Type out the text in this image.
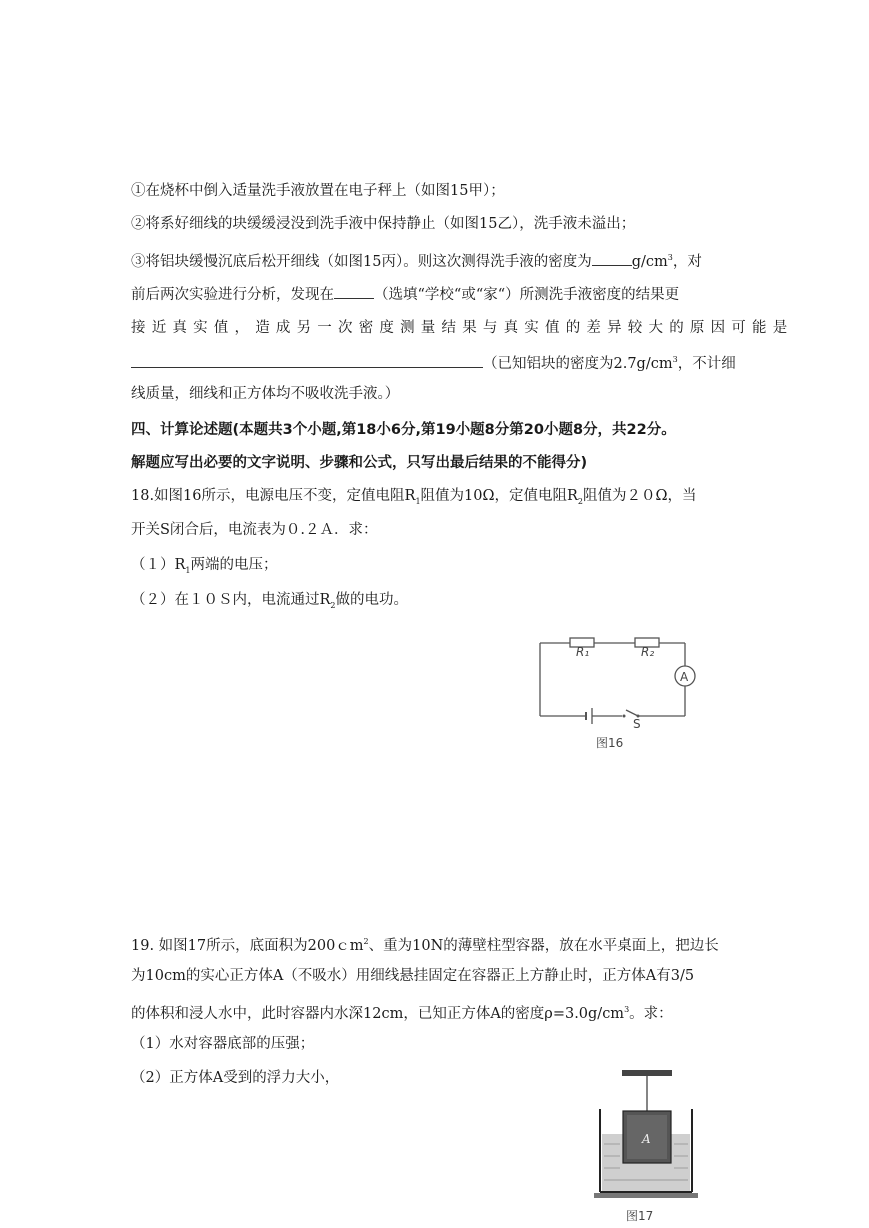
①在烧杯中倒入适量洗手液放置在电子秤上（如图15甲）；
②将系好细线的块缓缓浸没到洗手液中保持静止（如图15乙），洗手液未溢出；
③将铝块缓慢沉底后松开细线（如图15丙）。则这次测得洗手液的密度为	$g/cm^3$，对
前后两次实验进行分析，发现在	（选填“学校“或“家“）所测洗手液密度的结果更
接近真实值，造成另一次密度测量结果与真实值的差异较大的原因可能是
（已知铝块的密度为$2.7g/cm^3$，不计细
线质量，细线和正方体均不吸收洗手液。）
四、计算论述题(本题共3个小题,第18小6分,第19小题8分第20小题8分，共22分。
解题应写出必要的文字说明、步骤和公式，只写出最后结果的不能得分)
18.如图16所示，电源电压不变，定值电阻$R_1$阻值为10Ω，定值电阻$R_2$阻值为２０Ω，当
开关S闭合后，电流表为０.２Ａ．求：
$(1)R_1$两端的电压；
（２）在１０Ｓ内，电流通过$R_2$做的电功。
R₁	R₂
A
S
图16
19. 如图17所示，底面积为200ｃm$^2$、重为10N的薄壁柱型容器，放在水平桌面上，把边长
为10cm的实心正方体A（不吸水）用细线悬挂固定在容器正上方静止时，正方体A有3/5
的体积和浸人水中，此时容器内水深12cm，已知正方体A的密度$\rho=3.0g/cm^3$。求：
（1）水对容器底部的压强；
（2）正方体A受到的浮力大小，
A
图17
